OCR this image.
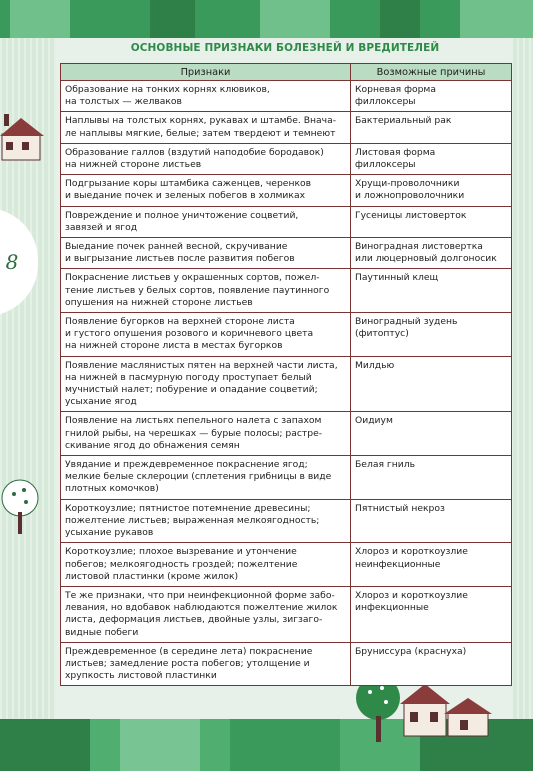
8
ОСНОВНЫЕ ПРИЗНАКИ БОЛЕЗНЕЙ И ВРЕДИТЕЛЕЙ
Признаки	Возможные причины

Образование на тонких корнях клювиков,
на толстых — желваков	Корневая форма
филлоксеры

Наплывы на толстых корнях, рукавах и штамбе. Внача-
ле наплывы мягкие, белые; затем твердеют и темнеют	Бактериальный рак

Образование галлов (вздутий наподобие бородавок)
на нижней стороне листьев	Листовая форма
филлоксеры

Подгрызание коры штамбика саженцев, черенков
и выедание почек и зеленых побегов в холмиках	Хрущи-проволочники
и ложнопроволочники

Повреждение и полное уничтожение соцветий,
завязей и ягод	Гусеницы листоверток

Выедание почек ранней весной, скручивание
и выгрызание листьев после развития побегов	Виноградная листовертка
или люцерновый долгоносик

Покраснение листьев у окрашенных сортов, пожел-
тение листьев у белых сортов, появление паутинного
опушения на нижней стороне листьев	Паутинный клещ

Появление бугорков на верхней стороне листа
и густого опушения розового и коричневого цвета
на нижней стороне листа в местах бугорков	Виноградный зудень
(фитоптус)

Появление маслянистых пятен на верхней части листа,
на нижней в пасмурную погоду проступает белый
мучнистый налет; побурение и опадание соцветий;
усыхание ягод	Милдью

Появление на листьях пепельного налета с запахом
гнилой рыбы, на черешках — бурые полосы; растре-
скивание ягод до обнажения семян	Оидиум

Увядание и преждевременное покраснение ягод;
мелкие белые склероции (сплетения грибницы в виде
плотных комочков)	Белая гниль

Короткоузлие; пятнистое потемнение древесины;
пожелтение листьев; выраженная мелкоягодность;
усыхание рукавов	Пятнистый некроз

Короткоузлие; плохое вызревание и утончение
побегов; мелкоягодность гроздей; пожелтение
листовой пластинки (кроме жилок)	Хлороз и короткоузлие
неинфекционные

Те же признаки, что при неинфекционной форме забо-
левания, но вдобавок наблюдаются пожелтение жилок
листа, деформация листьев, двойные узлы, зигзаго-
видные побеги	Хлороз и короткоузлие
инфекционные

Преждевременное (в середине лета) покраснение
листьев; замедление роста побегов; утолщение и
хрупкость листовой пластинки	Брунисcура (краснуха)
